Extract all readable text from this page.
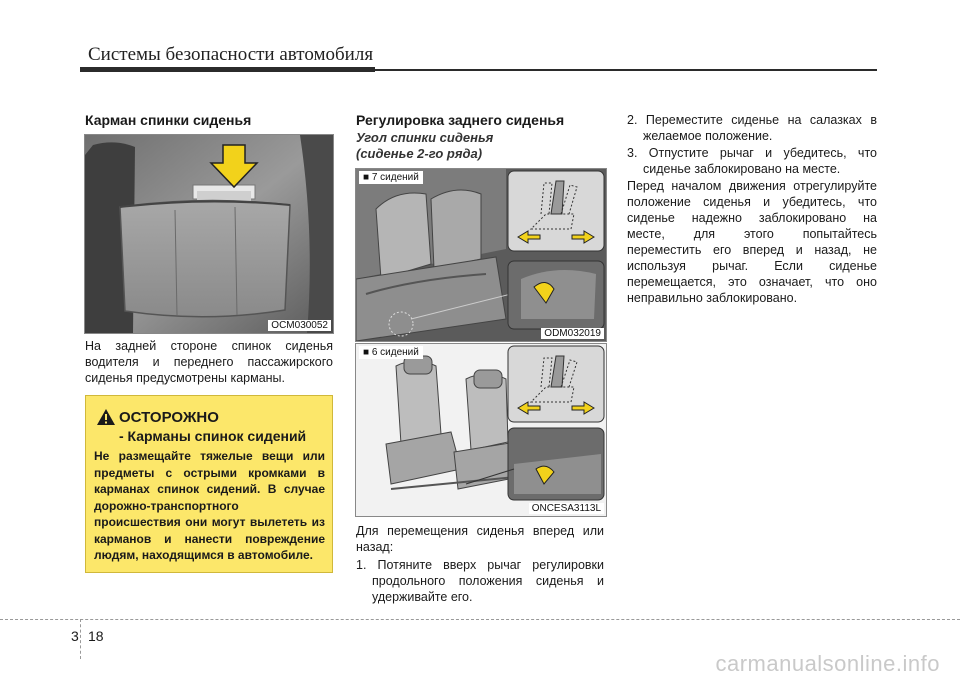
Системы безопасности автомобиля
Карман спинки сиденья
OCM030052
На задней стороне спинок сиденья водителя и переднего пассажирского сиденья предусмотрены карманы.
ОСТОРОЖНО
- Карманы спинок сидений
Не размещайте тяжелые вещи или предметы с острыми кромками в карманах спинок сидений. В случае дорожно-транспортного происшествия они могут вылететь из карманов и нанести повреждение людям, находящимся в автомобиле.
Регулировка заднего сиденья
Угол спинки сиденья
(сиденье 2-го ряда)
■ 7 сидений
ODM032019
■ 6 сидений
ONCESA3113L
Для перемещения сиденья вперед или назад:
1. Потяните вверх рычаг регулировки продольного положения сиденья и удерживайте его.
2. Переместите сиденье на салазках в желаемое положение.
3. Отпустите рычаг и убедитесь, что сиденье заблокировано на месте.
Перед началом движения отрегулируйте положение сиденья и убедитесь, что сиденье надежно заблокировано на месте, для этого попытайтесь переместить его вперед и назад, не используя рычаг. Если сиденье перемещается, это означает, что оно неправильно заблокировано.
3 18
carmanualsonline.info
